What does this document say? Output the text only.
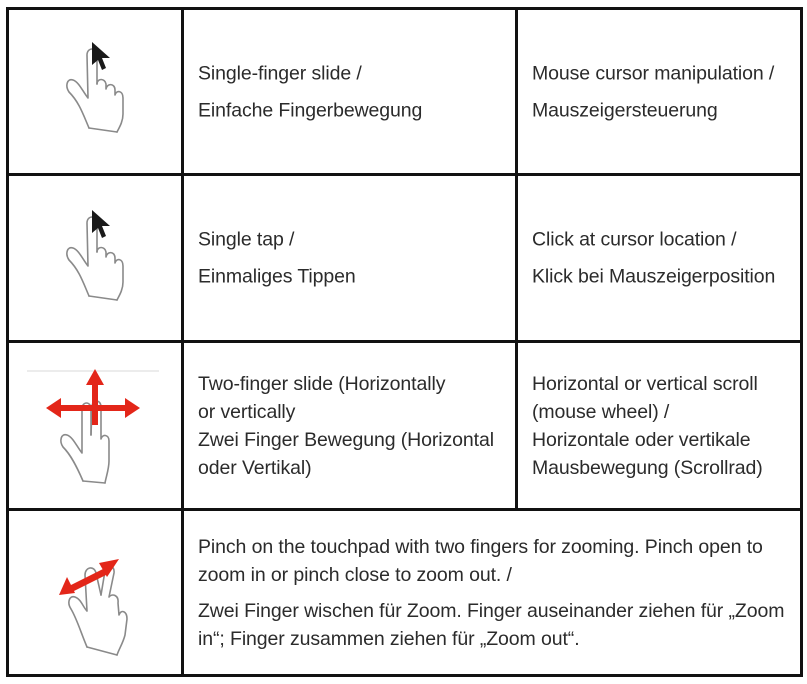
Single-finger slide /
Einfache Fingerbewegung
Mouse cursor manipulation /
Mauszeigersteuerung
Single tap /
Einmaliges Tippen
Click at cursor location /
Klick bei Mauszeigerposition
Two-finger slide (Horizontally
or vertically
Zwei Finger Bewegung (Horizontal
oder Vertikal)
Horizontal or vertical scroll
(mouse wheel) /
Horizontale oder vertikale
Mausbewegung (Scrollrad)
Pinch on the touchpad with two fingers for zooming. Pinch open to zoom in or pinch close to zoom out. /
Zwei Finger wischen für Zoom. Finger auseinander ziehen für „Zoom in“; Finger zusammen ziehen für „Zoom out“.
